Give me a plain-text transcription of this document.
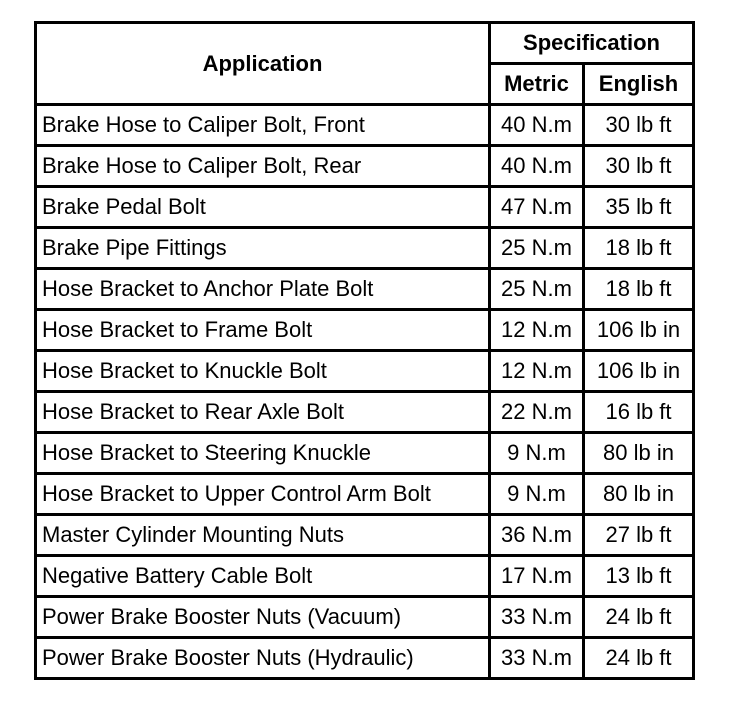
Application	Specification	
	Metric	English
Brake Hose to Caliper Bolt, Front	40 N.m	30 lb ft
Brake Hose to Caliper Bolt, Rear	40 N.m	30 lb ft
Brake Pedal Bolt	47 N.m	35 lb ft
Brake Pipe Fittings	25 N.m	18 lb ft
Hose Bracket to Anchor Plate Bolt	25 N.m	18 lb ft
Hose Bracket to Frame Bolt	12 N.m	106 lb in
Hose Bracket to Knuckle Bolt	12 N.m	106 lb in
Hose Bracket to Rear Axle Bolt	22 N.m	16 lb ft
Hose Bracket to Steering Knuckle	9 N.m	80 lb in
Hose Bracket to Upper Control Arm Bolt	9 N.m	80 lb in
Master Cylinder Mounting Nuts	36 N.m	27 lb ft
Negative Battery Cable Bolt	17 N.m	13 lb ft
Power Brake Booster Nuts (Vacuum)	33 N.m	24 lb ft
Power Brake Booster Nuts (Hydraulic)	33 N.m	24 lb ft
